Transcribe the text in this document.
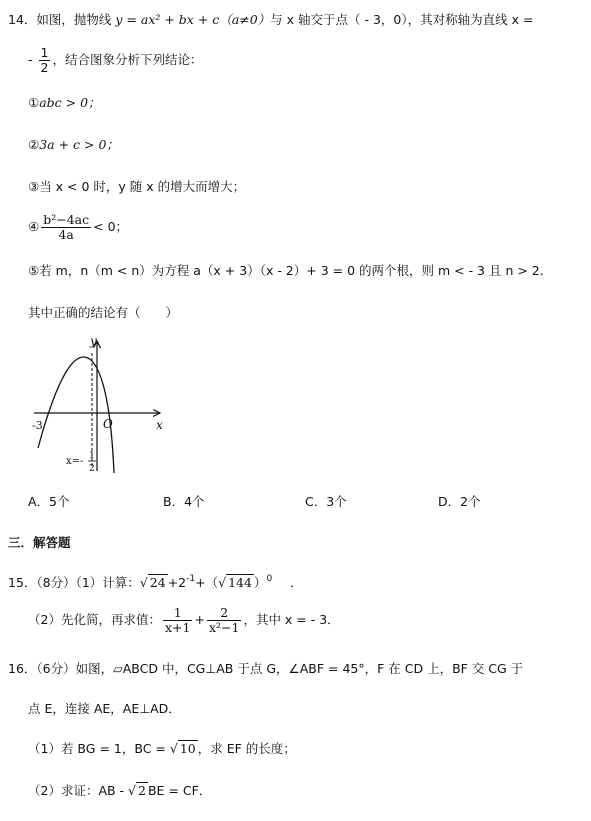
14．如图，抛物线 y = ax² + bx + c（a≠0）与 x 轴交于点（ - 3，0），其对称轴为直线 x =
- $\frac{1}{2}$ ，结合图象分析下列结论：
①abc > 0；
②3a + c > 0；
③当 x < 0 时，y 随 x 的增大而增大；
④ $\frac{\text{b²−4ac}}{4a} < 0$；
⑤若 m，n（m < n）为方程 a（x + 3）（x - 2）+ 3 = 0 的两个根，则 m < - 3 且 n > 2．
其中正确的结论有（　　）
y
x
O
-3
x=- 1
2
A．5个	B．4个	C．3个	D．2个
三．解答题
15．（8分）（1）计算：√ $24 +2^{-1}+(√$ 144 ）$^0$ ．
（2）先化简，再求值： $\frac{1}{x+1} + \frac{2}{\text{x²−1}}$ ，其中 x = - 3．
16．（6分）如图，▱ABCD 中，CG⊥AB 于点 G，∠ABF = 45°，F 在 CD 上，BF 交 CG 于
点 E，连接 AE，AE⊥AD．
（1）若 BG = 1，BC = √ 10 ，求 EF 的长度；
（2）求证：AB - √ 2 BE = CF．
